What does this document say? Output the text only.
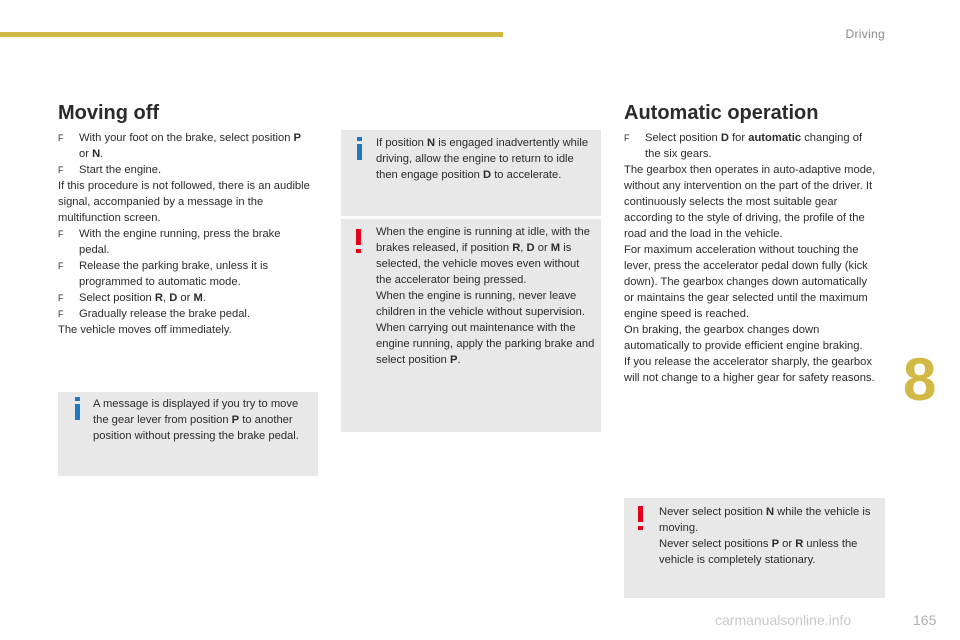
Driving
Moving off

F With your foot on the brake, select position P or N.

F Start the engine.

If this procedure is not followed, there is an audible signal, accompanied by a message in the multifunction screen.

F With the engine running, press the brake pedal.

F Release the parking brake, unless it is programmed to automatic mode.

F Select position R, D or M.

F Gradually release the brake pedal.

The vehicle moves off immediately.

A message is displayed if you try to move the gear lever from position P to another position without pressing the brake pedal.

If position N is engaged inadvertently while driving, allow the engine to return to idle then engage position D to accelerate.

When the engine is running at idle, with the brakes released, if position R, D or M is selected, the vehicle moves even without the accelerator being pressed.

When the engine is running, never leave children in the vehicle without supervision.

When carrying out maintenance with the engine running, apply the parking brake and select position P.

Automatic operation

F Select position D for automatic changing of the six gears.

The gearbox then operates in auto-adaptive mode, without any intervention on the part of the driver. It continuously selects the most suitable gear according to the style of driving, the profile of the road and the load in the vehicle.

For maximum acceleration without touching the lever, press the accelerator pedal down fully (kick down). The gearbox changes down automatically or maintains the gear selected until the maximum engine speed is reached.

On braking, the gearbox changes down automatically to provide efficient engine braking.

If you release the accelerator sharply, the gearbox will not change to a higher gear for safety reasons.

Never select position N while the vehicle is moving.

Never select positions P or R unless the vehicle is completely stationary.

8
carmanualsonline.info	165
